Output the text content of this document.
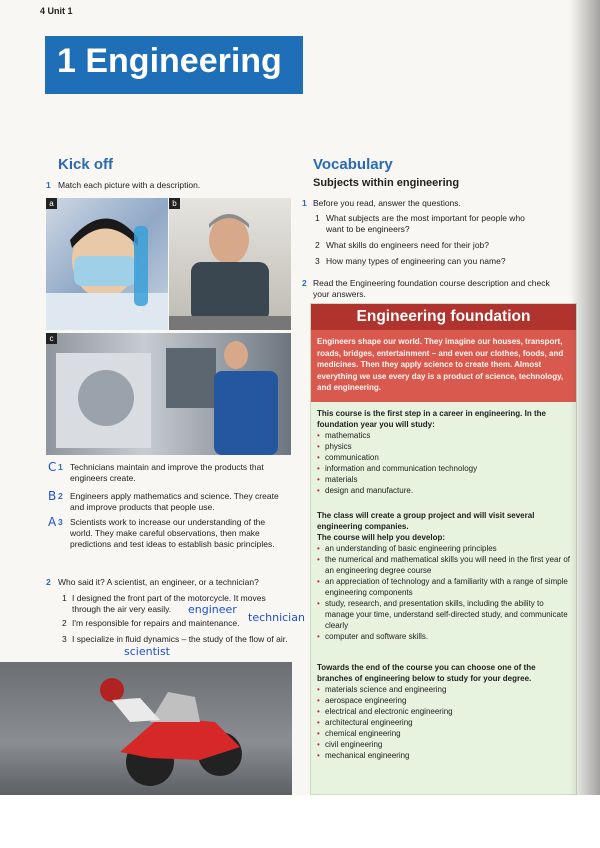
4 Unit 1
1 Engineering
Kick off
1 Match each picture with a description.
a	b
c
C 1 Technicians maintain and improve the products that engineers create.
B 2 Engineers apply mathematics and science. They create and improve products that people use.
A 3 Scientists work to increase our understanding of the world. They make careful observations, then make predictions and test ideas to establish basic principles.
2 Who said it? A scientist, an engineer, or a technician?
1 I designed the front part of the motorcycle. It moves through the air very easily.	engineer
technician
2 I'm responsible for repairs and maintenance.
3 I specialize in fluid dynamics – the study of the flow of air.
scientist
Vocabulary
Subjects within engineering
1 Before you read, answer the questions.
1 What subjects are the most important for people who want to be engineers?
2 What skills do engineers need for their job?
3 How many types of engineering can you name?
2 Read the Engineering foundation course description and check your answers.
Engineering foundation
Engineers shape our world. They imagine our houses, transport, roads, bridges, entertainment – and even our clothes, foods, and medicines. Then they apply science to create them. Almost everything we use every day is a product of science, technology, and engineering.
This course is the first step in a career in engineering. In the foundation year you will study:
• mathematics
• physics
• communication
• information and communication technology
• materials
• design and manufacture.
The class will create a group project and will visit several engineering companies.
The course will help you develop:
• an understanding of basic engineering principles
• the numerical and mathematical skills you will need in the first year of an engineering degree course
• an appreciation of technology and a familiarity with a range of simple engineering components
• study, research, and presentation skills, including the ability to manage your time, understand self-directed study, and communicate clearly
• computer and software skills.
Towards the end of the course you can choose one of the branches of engineering below to study for your degree.
• materials science and engineering
• aerospace engineering
• electrical and electronic engineering
• architectural engineering
• chemical engineering
• civil engineering
• mechanical engineering
